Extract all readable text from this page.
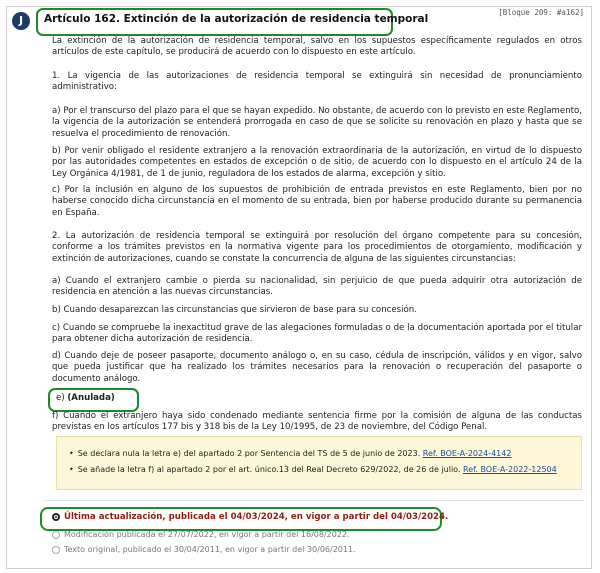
J
[Bloque 209: #a162]
Artículo 162. Extinción de la autorización de residencia temporal
La extinción de la autorización de residencia temporal, salvo en los supuestos específicamente regulados en otros artículos de este capítulo, se producirá de acuerdo con lo dispuesto en este artículo.
1. La vigencia de las autorizaciones de residencia temporal se extinguirá sin necesidad de pronunciamiento administrativo:
a) Por el transcurso del plazo para el que se hayan expedido. No obstante, de acuerdo con lo previsto en este Reglamento, la vigencia de la autorización se entenderá prorrogada en caso de que se solicite su renovación en plazo y hasta que se resuelva el procedimiento de renovación.
b) Por venir obligado el residente extranjero a la renovación extraordinaria de la autorización, en virtud de lo dispuesto por las autoridades competentes en estados de excepción o de sitio, de acuerdo con lo dispuesto en el artículo 24 de la Ley Orgánica 4/1981, de 1 de junio, reguladora de los estados de alarma, excepción y sitio.
c) Por la inclusión en alguno de los supuestos de prohibición de entrada previstos en este Reglamento, bien por no haberse conocido dicha circunstancia en el momento de su entrada, bien por haberse producido durante su permanencia en España.
2. La autorización de residencia temporal se extinguirá por resolución del órgano competente para su concesión, conforme a los trámites previstos en la normativa vigente para los procedimientos de otorgamiento, modificación y extinción de autorizaciones, cuando se constate la concurrencia de alguna de las siguientes circunstancias:
a) Cuando el extranjero cambie o pierda su nacionalidad, sin perjuicio de que pueda adquirir otra autorización de residencia en atención a las nuevas circunstancias.
b) Cuando desaparezcan las circunstancias que sirvieron de base para su concesión.
c) Cuando se compruebe la inexactitud grave de las alegaciones formuladas o de la documentación aportada por el titular para obtener dicha autorización de residencia.
d) Cuando deje de poseer pasaporte, documento análogo o, en su caso, cédula de inscripción, válidos y en vigor, salvo que pueda justificar que ha realizado los trámites necesarios para la renovación o recuperación del pasaporte o documento análogo.
e) (Anulada)
f) Cuando el extranjero haya sido condenado mediante sentencia firme por la comisión de alguna de las conductas previstas en los artículos 177 bis y 318 bis de la Ley 10/1995, de 23 de noviembre, del Código Penal.
• Se declara nula la letra e) del apartado 2 por Sentencia del TS de 5 de junio de 2023. Ref. BOE-A-2024-4142
• Se añade la letra f) al apartado 2 por el art. único.13 del Real Decreto 629/2022, de 26 de julio. Ref. BOE-A-2022-12504
Última actualización, publicada el 04/03/2024, en vigor a partir del 04/03/2024.
Modificación publicada el 27/07/2022, en vigor a partir del 16/08/2022.
Texto original, publicado el 30/04/2011, en vigor a partir del 30/06/2011.
